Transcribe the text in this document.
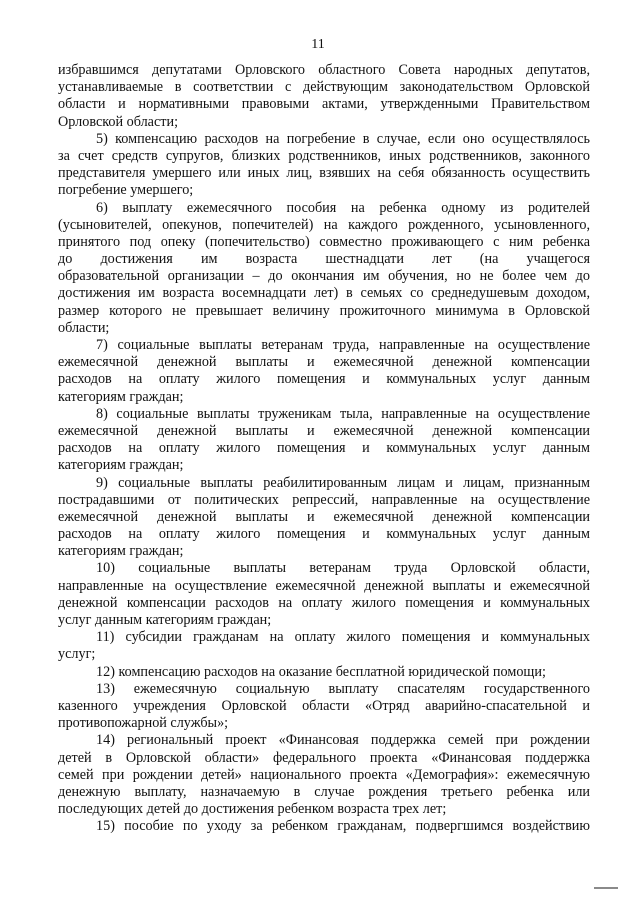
11
избравшимся депутатами Орловского областного Совета народных депутатов,
устанавливаемые в соответствии с действующим законодательством Орловской
области и нормативными правовыми актами, утвержденными Правительством
Орловской области;
5) компенсацию расходов на погребение в случае, если оно осуществлялось
за счет средств супругов, близких родственников, иных родственников, законного
представителя умершего или иных лиц, взявших на себя обязанность осуществить
погребение умершего;
6) выплату ежемесячного пособия на ребенка одному из родителей
(усыновителей, опекунов, попечителей) на каждого рожденного, усыновленного,
принятого под опеку (попечительство) совместно проживающего с ним ребенка
до достижения им возраста шестнадцати лет (на учащегося
образовательной организации – до окончания им обучения, но не более чем до
достижения им возраста восемнадцати лет) в семьях со среднедушевым доходом,
размер которого не превышает величину прожиточного минимума в Орловской
области;
7) социальные выплаты ветеранам труда, направленные на осуществление
ежемесячной денежной выплаты и ежемесячной денежной компенсации
расходов на оплату жилого помещения и коммунальных услуг данным
категориям граждан;
8) социальные выплаты труженикам тыла, направленные на осуществление
ежемесячной денежной выплаты и ежемесячной денежной компенсации
расходов на оплату жилого помещения и коммунальных услуг данным
категориям граждан;
9) социальные выплаты реабилитированным лицам и лицам, признанным
пострадавшими от политических репрессий, направленные на осуществление
ежемесячной денежной выплаты и ежемесячной денежной компенсации
расходов на оплату жилого помещения и коммунальных услуг данным
категориям граждан;
10) социальные выплаты ветеранам труда Орловской области,
направленные на осуществление ежемесячной денежной выплаты и ежемесячной
денежной компенсации расходов на оплату жилого помещения и коммунальных
услуг данным категориям граждан;
11) субсидии гражданам на оплату жилого помещения и коммунальных
услуг;
12) компенсацию расходов на оказание бесплатной юридической помощи;
13) ежемесячную социальную выплату спасателям государственного
казенного учреждения Орловской области «Отряд аварийно-спасательной и
противопожарной службы»;
14) региональный проект «Финансовая поддержка семей при рождении
детей в Орловской области» федерального проекта «Финансовая поддержка
семей при рождении детей» национального проекта «Демография»: ежемесячную
денежную выплату, назначаемую в случае рождения третьего ребенка или
последующих детей до достижения ребенком возраста трех лет;
15) пособие по уходу за ребенком гражданам, подвергшимся воздействию
